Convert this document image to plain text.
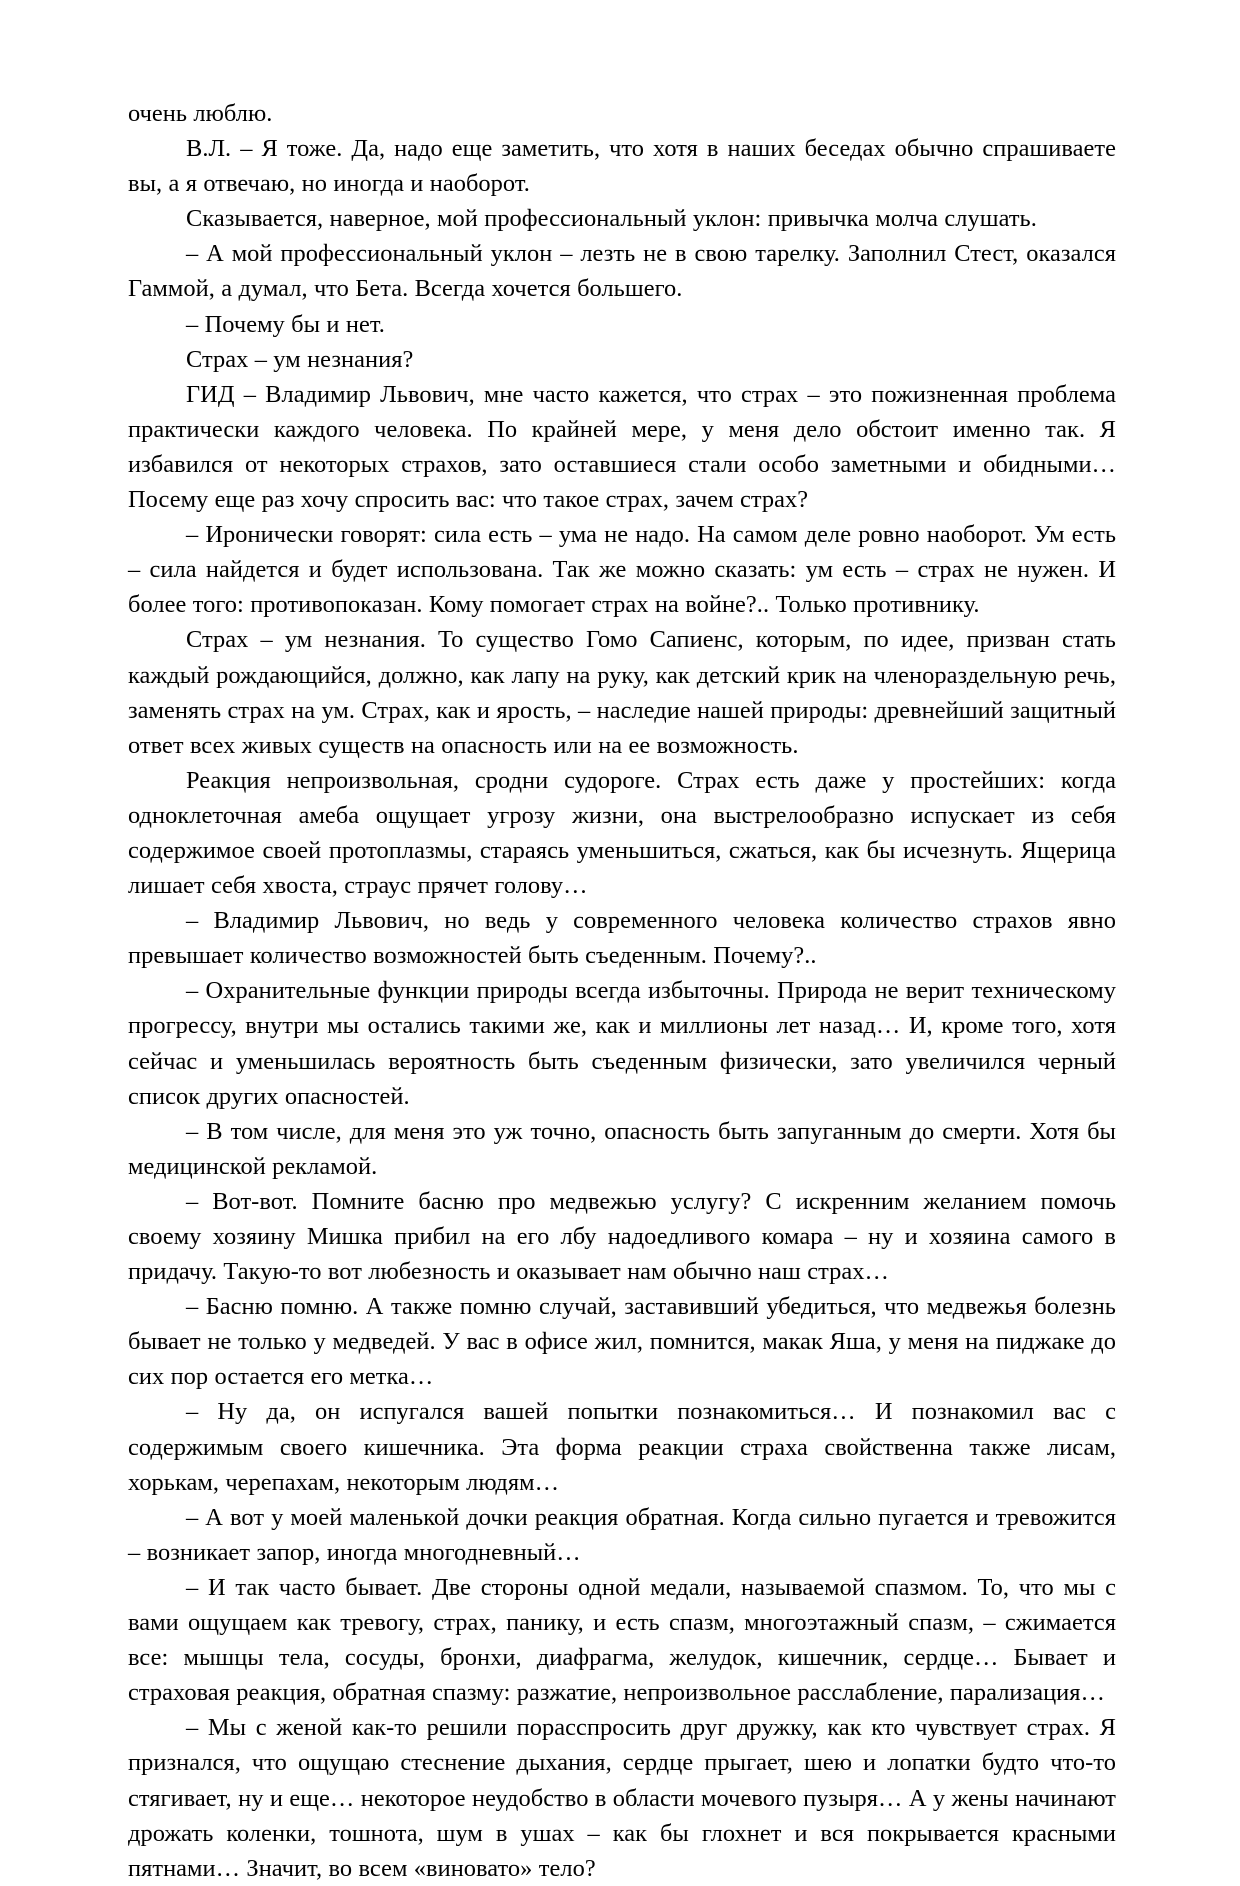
очень люблю.

В.Л. – Я тоже. Да, надо еще заметить, что хотя в наших беседах обычно спрашиваете вы, а я отвечаю, но иногда и наоборот.

Сказывается, наверное, мой профессиональный уклон: привычка молча слушать.

– А мой профессиональный уклон – лезть не в свою тарелку. Заполнил Стест, оказался Гаммой, а думал, что Бета. Всегда хочется большего.

– Почему бы и нет.

Страх – ум незнания?

ГИД – Владимир Львович, мне часто кажется, что страх – это пожизненная проблема практически каждого человека. По крайней мере, у меня дело обстоит именно так. Я избавился от некоторых страхов, зато оставшиеся стали особо заметными и обидными… Посему еще раз хочу спросить вас: что такое страх, зачем страх?

– Иронически говорят: сила есть – ума не надо. На самом деле ровно наоборот. Ум есть – сила найдется и будет использована. Так же можно сказать: ум есть – страх не нужен. И более того: противопоказан. Кому помогает страх на войне?.. Только противнику.

Страх – ум незнания. То существо Гомо Сапиенс, которым, по идее, призван стать каждый рождающийся, должно, как лапу на руку, как детский крик на членораздельную речь, заменять страх на ум. Страх, как и ярость, – наследие нашей природы: древнейший защитный ответ всех живых существ на опасность или на ее возможность.

Реакция непроизвольная, сродни судороге. Страх есть даже у простейших: когда одноклеточная амеба ощущает угрозу жизни, она выстрелообразно испускает из себя содержимое своей протоплазмы, стараясь уменьшиться, сжаться, как бы исчезнуть. Ящерица лишает себя хвоста, страус прячет голову…

– Владимир Львович, но ведь у современного человека количество страхов явно превышает количество возможностей быть съеденным. Почему?..

– Охранительные функции природы всегда избыточны. Природа не верит техническому прогрессу, внутри мы остались такими же, как и миллионы лет назад… И, кроме того, хотя сейчас и уменьшилась вероятность быть съеденным физически, зато увеличился черный список других опасностей.

– В том числе, для меня это уж точно, опасность быть запуганным до смерти. Хотя бы медицинской рекламой.

– Вот-вот. Помните басню про медвежью услугу? С искренним желанием помочь своему хозяину Мишка прибил на его лбу надоедливого комара – ну и хозяина самого в придачу. Такую-то вот любезность и оказывает нам обычно наш страх…

– Басню помню. А также помню случай, заставивший убедиться, что медвежья болезнь бывает не только у медведей. У вас в офисе жил, помнится, макак Яша, у меня на пиджаке до сих пор остается его метка…

– Ну да, он испугался вашей попытки познакомиться… И познакомил вас с содержимым своего кишечника. Эта форма реакции страха свойственна также лисам, хорькам, черепахам, некоторым людям…

– А вот у моей маленькой дочки реакция обратная. Когда сильно пугается и тревожится – возникает запор, иногда многодневный…

– И так часто бывает. Две стороны одной медали, называемой спазмом. То, что мы с вами ощущаем как тревогу, страх, панику, и есть спазм, многоэтажный спазм, – сжимается все: мышцы тела, сосуды, бронхи, диафрагма, желудок, кишечник, сердце… Бывает и страховая реакция, обратная спазму: разжатие, непроизвольное расслабление, парализация…

– Мы с женой как-то решили порасспросить друг дружку, как кто чувствует страх. Я признался, что ощущаю стеснение дыхания, сердце прыгает, шею и лопатки будто что-то стягивает, ну и еще… некоторое неудобство в области мочевого пузыря… А у жены начинают дрожать коленки, тошнота, шум в ушах – как бы глохнет и вся покрывается красными пятнами… Значит, во всем «виновато» тело?
